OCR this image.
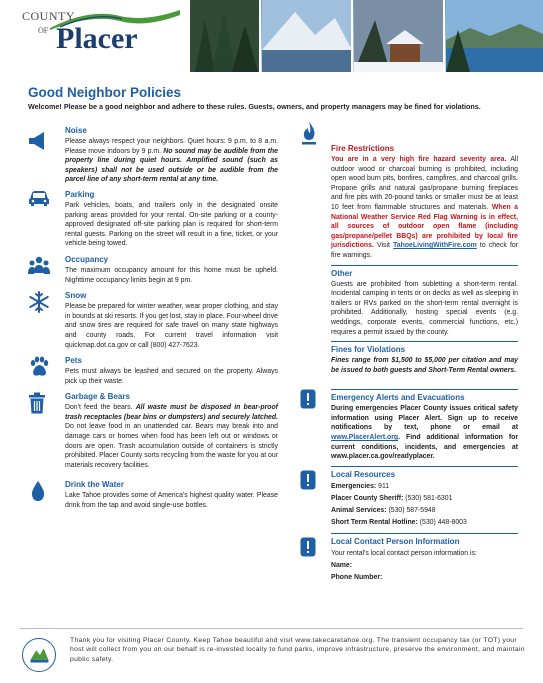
COUNTY
OF Placer
Good Neighbor Policies

Welcome! Please be a good neighbor and adhere to these rules. Guests, owners, and property managers may be fined for violations.

Noise

Please always respect your neighbors. Quiet hours: 9 p.m. to 8 a.m. Please move indoors by 9 p.m. No sound may be audible from the property line during quiet hours. Amplified sound (such as speakers) shall not be used outside or be audible from the parcel line of any short-term rental at any time.

Parking

Park vehicles, boats, and trailers only in the designated onsite parking areas provided for your rental. On-site parking or a county-approved designated off-site parking plan is required for short-term rental guests. Parking on the street will result in a fine, ticket, or your vehicle being towed.

Occupancy

The maximum occupancy amount for this home must be upheld. Nighttime occupancy limits begin at 9 pm.

Snow

Please be prepared for winter weather, wear proper clothing, and stay in bounds at ski resorts. If you get lost, stay in place. Four-wheel drive and snow tires are required for safe travel on many state highways and county roads. For current travel information visit quickmap.dot.ca.gov or call (800) 427-7623.

Pets

Pets must always be leashed and secured on the property. Always pick up their waste.

Garbage & Bears

Don't feed the bears. All waste must be disposed in bear-proof trash receptacles (bear bins or dumpsters) and securely latched. Do not leave food in an unattended car. Bears may break into and damage cars or homes when food has been left out or windows or doors are open. Trash accumulation outside of containers is strictly prohibited. Placer County sorts recycling from the waste for you at our materials recovery facilities.

Drink the Water

Lake Tahoe provides some of America's highest quality water. Please drink from the tap and avoid single-use bottles.

Fire Restrictions

You are in a very high fire hazard severity area. All outdoor wood or charcoal burning is prohibited, including open wood burn pits, bonfires, campfires, and charcoal grills. Propane grills and natural gas/propane burning fireplaces and fire pits with 20-pound tanks or smaller must be at least 10 feet from flammable structures and materials. When a National Weather Service Red Flag Warning is in effect, all sources of outdoor open flame (including gas/propane/pellet BBQs) are prohibited by local fire jurisdictions. Visit TahoeLivingWithFire.com to check for fire warnings.

Other

Guests are prohibited from subletting a short-term rental. Incidental camping in tents or on decks as well as sleeping in trailers or RVs parked on the short-term rental overnight is prohibited. Additionally, hosting special events (e.g. weddings, corporate events, commercial functions, etc.) requires a permit issued by the county.

Fines for Violations

Fines range from $1,500 to $5,000 per citation and may be issued to both guests and Short-Term Rental owners.

Emergency Alerts and Evacuations

During emergencies Placer County issues critical safety information using Placer Alert. Sign up to receive notifications by text, phone or email at www.PlacerAlert.org. Find additional information for current conditions, incidents, and emergencies at www.placer.ca.gov/readyplacer.

Local Resources

Emergencies: 911

Placer County Sheriff: (530) 581-6301

Animal Services: (530) 587-5948

Short Term Rental Hotline: (530) 448-8003

Local Contact Person Information

Your rental's local contact person information is:

Name:

Phone Number:

Thank you for visiting Placer County. Keep Tahoe beautiful and visit www.takecaretahoe.org. The transient occupancy tax (or TOT) your host will collect from you on our behalf is re-invested locally to fund parks, improve infrastructure, preserve the environment, and maintain public safety.
